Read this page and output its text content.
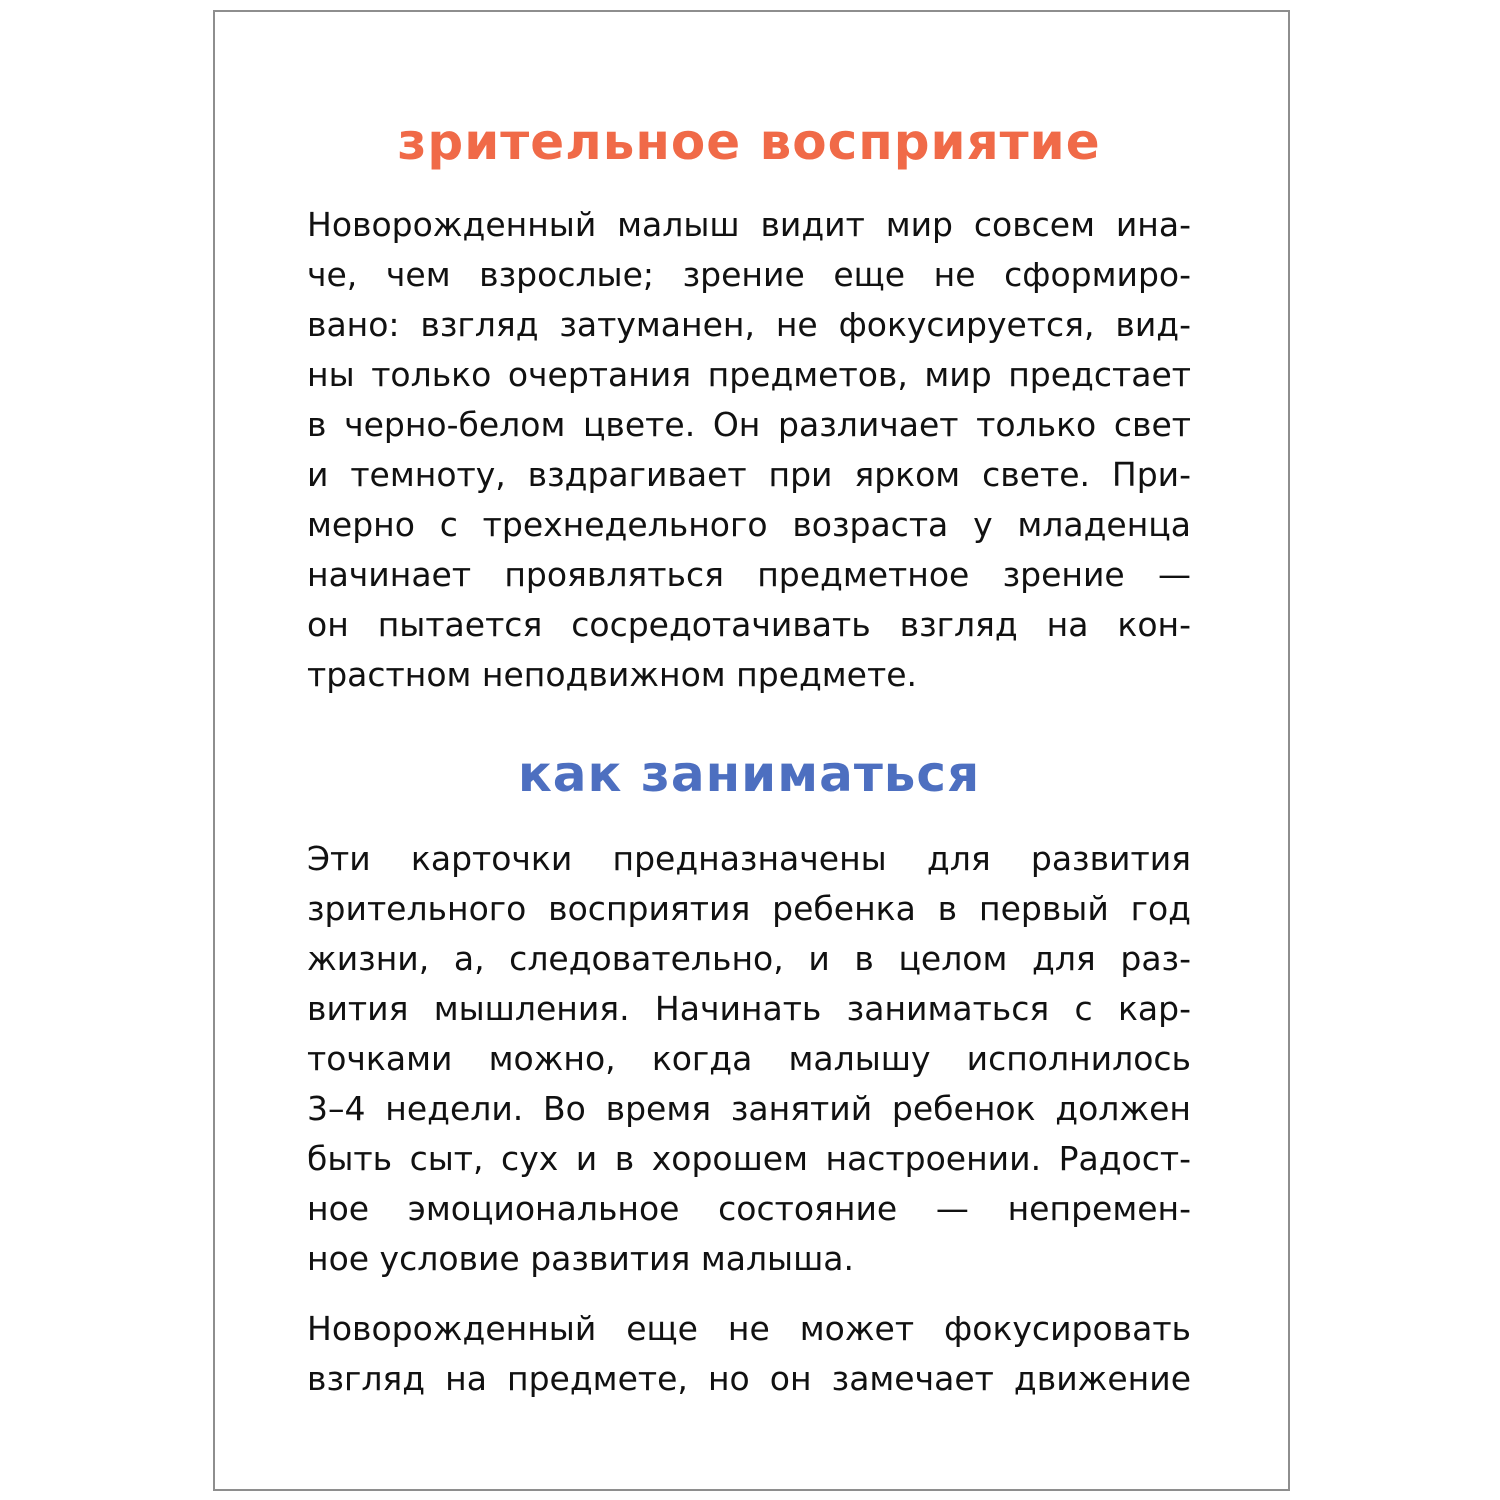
зрительное восприятие
Новорожденный малыш видит мир совсем ина-
че, чем взрослые; зрение еще не сформиро-
вано: взгляд затуманен, не фокусируется, вид-
ны только очертания предметов, мир предстает
в черно-белом цвете. Он различает только свет
и темноту, вздрагивает при ярком свете. При-
мерно с трехнедельного возраста у младенца
начинает проявляться предметное зрение —
он пытается сосредотачивать взгляд на кон-
трастном неподвижном предмете.
как заниматься
Эти карточки предназначены для развития
зрительного восприятия ребенка в первый год
жизни, а, следовательно, и в целом для раз-
вития мышления. Начинать заниматься с кар-
точками можно, когда малышу исполнилось
3–4 недели. Во время занятий ребенок должен
быть сыт, сух и в хорошем настроении. Радост-
ное эмоциональное состояние — непремен-
ное условие развития малыша.
Новорожденный еще не может фокусировать
взгляд на предмете, но он замечает движение
